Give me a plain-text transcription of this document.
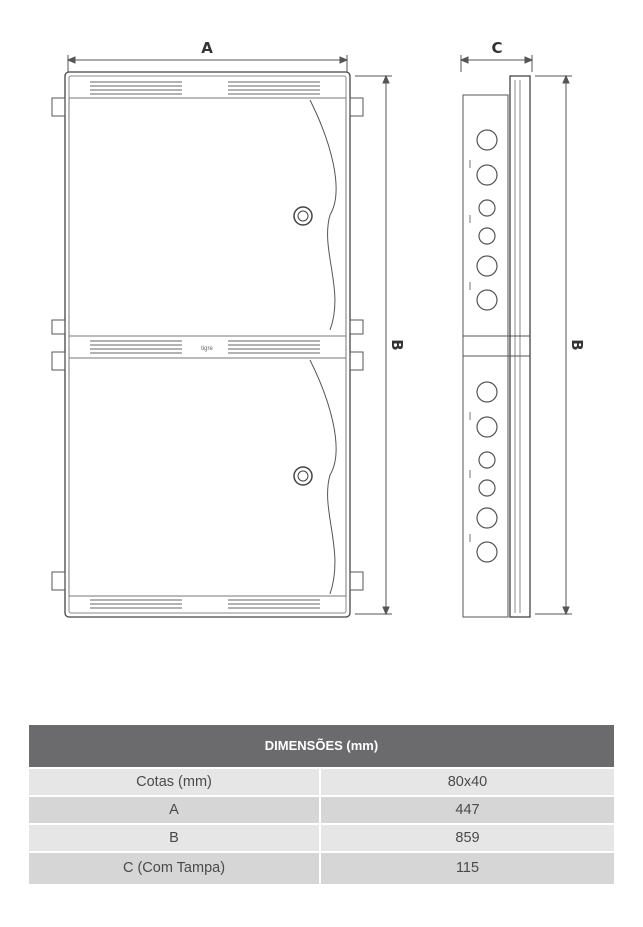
A	C
B	B
tigre
DIMENSÕES (mm)
Cotas (mm)	80x40
A	447
B	859
C (Com Tampa)	115
